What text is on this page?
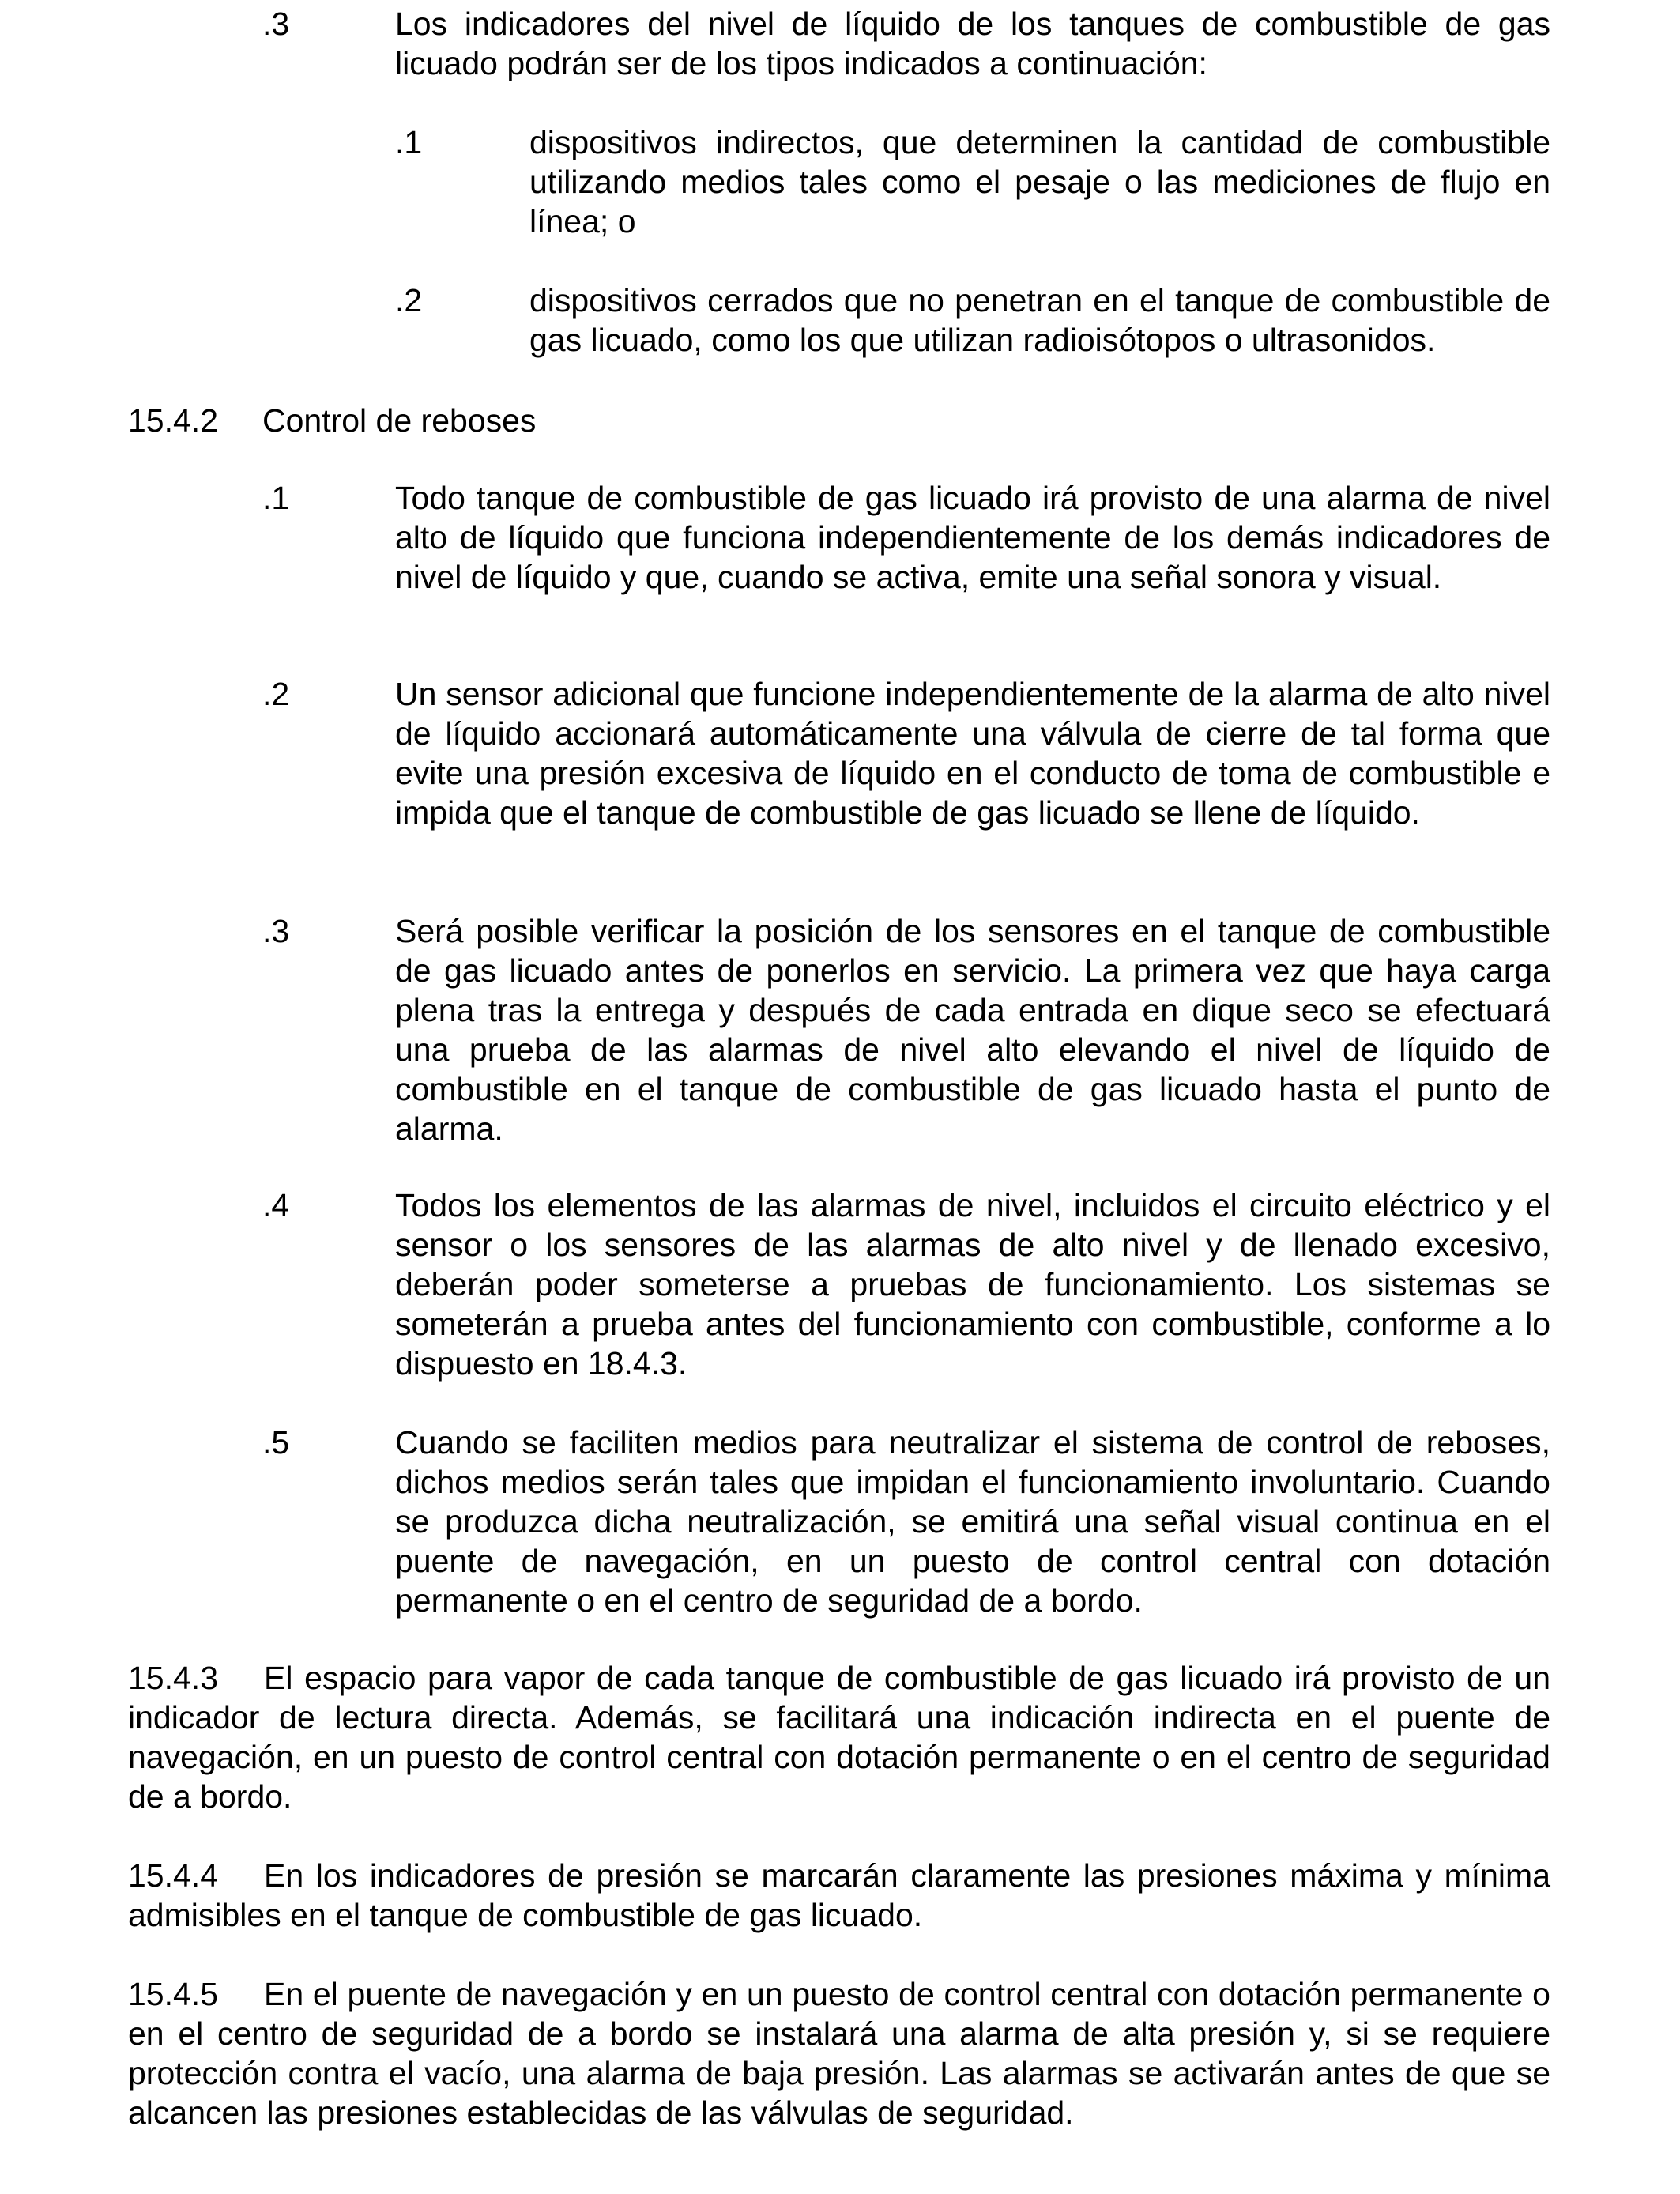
.3	Los indicadores del nivel de líquido de los tanques de combustible de gas licuado podrán ser de los tipos indicados a continuación:
.1	dispositivos indirectos, que determinen la cantidad de combustible utilizando medios tales como el pesaje o las mediciones de flujo en línea; o
.2	dispositivos cerrados que no penetran en el tanque de combustible de gas licuado, como los que utilizan radioisótopos o ultrasonidos.
15.4.2 Control de reboses
.1	Todo tanque de combustible de gas licuado irá provisto de una alarma de nivel alto de líquido que funciona independientemente de los demás indicadores de nivel de líquido y que, cuando se activa, emite una señal sonora y visual.
.2	Un sensor adicional que funcione independientemente de la alarma de alto nivel de líquido accionará automáticamente una válvula de cierre de tal forma que evite una presión excesiva de líquido en el conducto de toma de combustible e impida que el tanque de combustible de gas licuado se llene de líquido.
.3	Será posible verificar la posición de los sensores en el tanque de combustible de gas licuado antes de ponerlos en servicio. La primera vez que haya carga plena tras la entrega y después de cada entrada en dique seco se efectuará una prueba de las alarmas de nivel alto elevando el nivel de líquido de combustible en el tanque de combustible de gas licuado hasta el punto de alarma.
.4	Todos los elementos de las alarmas de nivel, incluidos el circuito eléctrico y el sensor o los sensores de las alarmas de alto nivel y de llenado excesivo, deberán poder someterse a pruebas de funcionamiento. Los sistemas se someterán a prueba antes del funcionamiento con combustible, conforme a lo dispuesto en 18.4.3.
.5	Cuando se faciliten medios para neutralizar el sistema de control de reboses, dichos medios serán tales que impidan el funcionamiento involuntario. Cuando se produzca dicha neutralización, se emitirá una señal visual continua en el puente de navegación, en un puesto de control central con dotación permanente o en el centro de seguridad de a bordo.
15.4.3 El espacio para vapor de cada tanque de combustible de gas licuado irá provisto de un indicador de lectura directa. Además, se facilitará una indicación indirecta en el puente de navegación, en un puesto de control central con dotación permanente o en el centro de seguridad de a bordo.
15.4.4 En los indicadores de presión se marcarán claramente las presiones máxima y mínima admisibles en el tanque de combustible de gas licuado.
15.4.5 En el puente de navegación y en un puesto de control central con dotación permanente o en el centro de seguridad de a bordo se instalará una alarma de alta presión y, si se requiere protección contra el vacío, una alarma de baja presión. Las alarmas se activarán antes de que se alcancen las presiones establecidas de las válvulas de seguridad.
